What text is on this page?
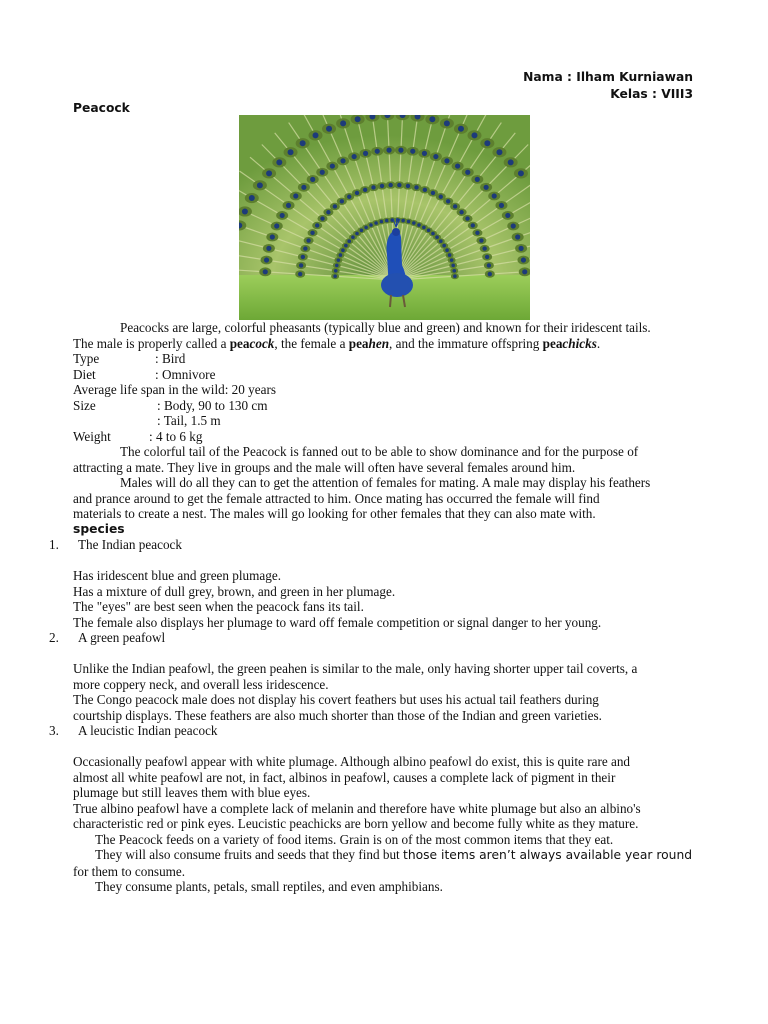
Nama : Ilham Kurniawan
Kelas : VIII3
Peacock

Peacocks are large, colorful pheasants (typically blue and green) and known for their iridescent tails.

The male is properly called a peacock, the female a peahen, and the immature offspring peachicks.

Type	: Bird
Diet	: Omnivore
Average life span in the wild: 20 years
Size	: Body, 90 to 130 cm
: Tail, 1.5 m
Weight	: 4 to 6 kg

The colorful tail of the Peacock is fanned out to be able to show dominance and for the purpose of

attracting a mate. They live in groups and the male will often have several females around him.

Males will do all they can to get the attention of females for mating. A male may display his feathers

and prance around to get the female attracted to him. Once mating has occurred the female will find

materials to create a nest. The males will go looking for other females that they can also mate with.

species
1. The Indian peacock
Has iridescent blue and green plumage.
Has a mixture of dull grey, brown, and green in her plumage.
The "eyes" are best seen when the peacock fans its tail.
The female also displays her plumage to ward off female competition or signal danger to her young.
2. A green peafowl
Unlike the Indian peafowl, the green peahen is similar to the male, only having shorter upper tail coverts, a
more coppery neck, and overall less iridescence.
The Congo peacock male does not display his covert feathers but uses his actual tail feathers during
courtship displays. These feathers are also much shorter than those of the Indian and green varieties.
3. A leucistic Indian peacock
Occasionally peafowl appear with white plumage. Although albino peafowl do exist, this is quite rare and
almost all white peafowl are not, in fact, albinos in peafowl, causes a complete lack of pigment in their
plumage but still leaves them with blue eyes.
True albino peafowl have a complete lack of melanin and therefore have white plumage but also an albino's
characteristic red or pink eyes. Leucistic peachicks are born yellow and become fully white as they mature.

The Peacock feeds on a variety of food items. Grain is on of the most common items that they eat.

They will also consume fruits and seeds that they find but those items aren’t always available year round

for them to consume.

They consume plants, petals, small reptiles, and even amphibians.
